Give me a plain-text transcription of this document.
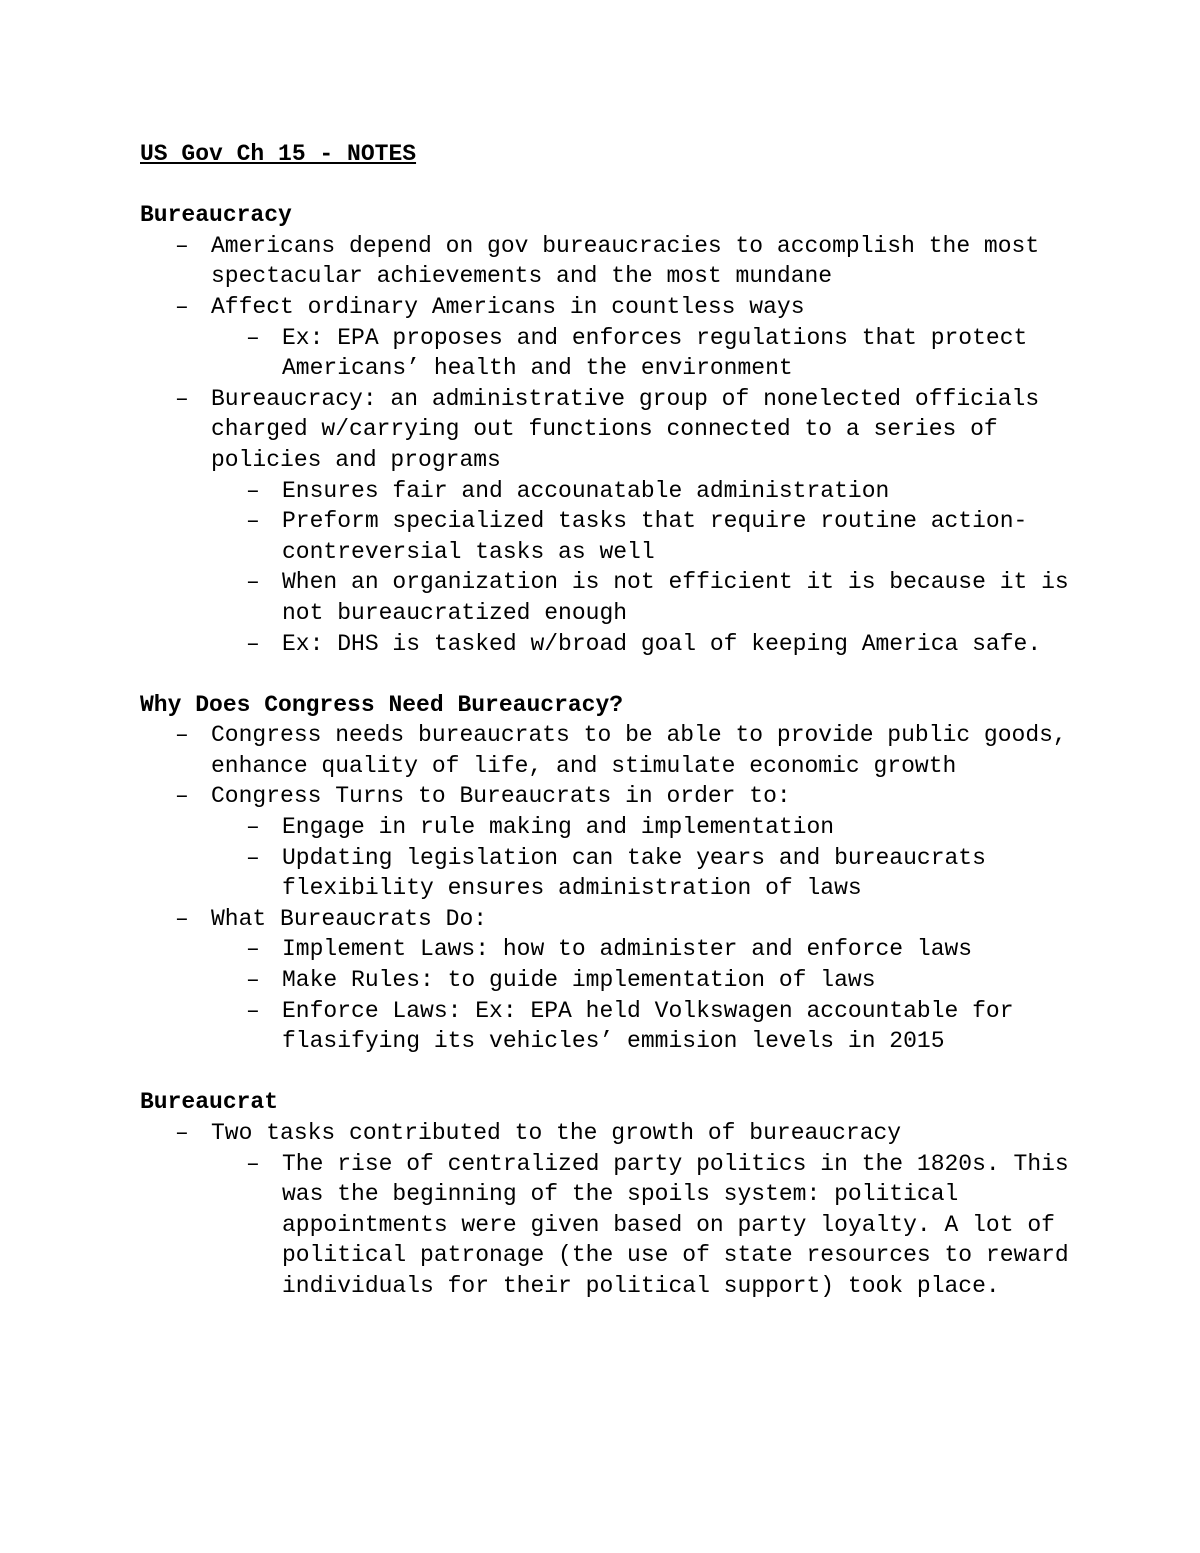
US Gov Ch 15 - NOTES
Bureaucracy
– Americans depend on gov bureaucracies to accomplish the most spectacular achievements and the most mundane
– Affect ordinary Americans in countless ways
– Ex: EPA proposes and enforces regulations that protect Americans’ health and the environment
– Bureaucracy: an administrative group of nonelected officials charged w/carrying out functions connected to a series of policies and programs
– Ensures fair and accounatable administration
– Preform specialized tasks that require routine action-contreversial tasks as well
– When an organization is not efficient it is because it is not bureaucratized enough
– Ex: DHS is tasked w/broad goal of keeping America safe.
Why Does Congress Need Bureaucracy?
– Congress needs bureaucrats to be able to provide public goods, enhance quality of life, and stimulate economic growth
– Congress Turns to Bureaucrats in order to:
– Engage in rule making and implementation
– Updating legislation can take years and bureaucrats flexibility ensures administration of laws
– What Bureaucrats Do:
– Implement Laws: how to administer and enforce laws
– Make Rules: to guide implementation of laws
– Enforce Laws: Ex: EPA held Volkswagen accountable for flasifying its vehicles’ emmision levels in 2015
Bureaucrat
– Two tasks contributed to the growth of bureaucracy
– The rise of centralized party politics in the 1820s. This was the beginning of the spoils system: political appointments were given based on party loyalty. A lot of political patronage (the use of state resources to reward individuals for their political support) took place.
